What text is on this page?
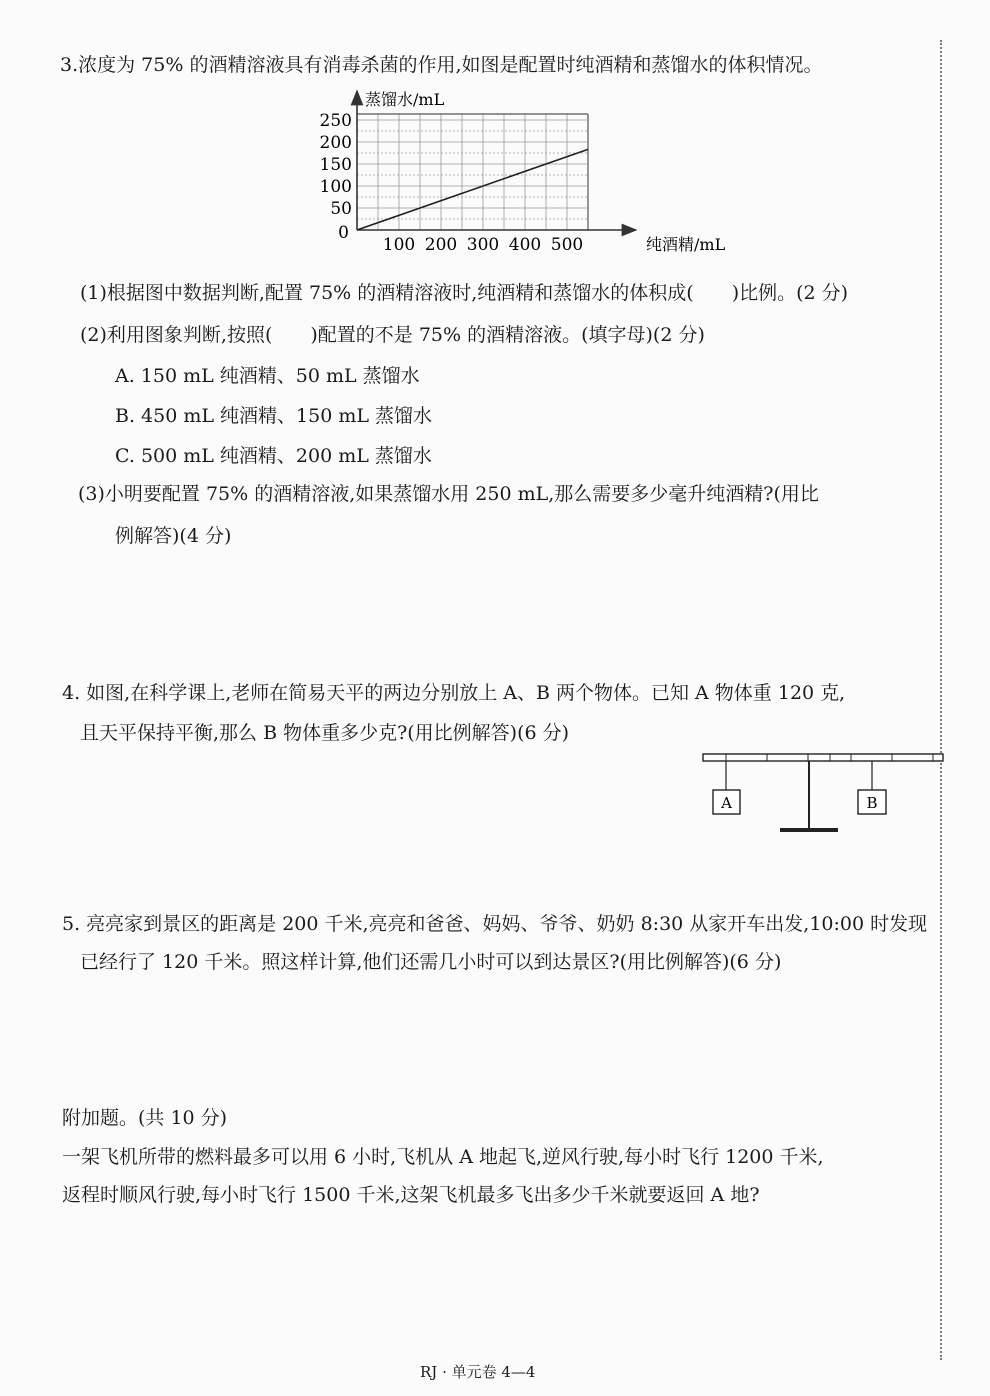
3.浓度为 75% 的酒精溶液具有消毒杀菌的作用,如图是配置时纯酒精和蒸馏水的体积情况。
100 200 300 400 500
50
100
150
200
250
0
蒸馏水/mL
纯酒精/mL
(1)根据图中数据判断,配置 75% 的酒精溶液时,纯酒精和蒸馏水的体积成(　　)比例。(2 分)
(2)利用图象判断,按照(　　)配置的不是 75% 的酒精溶液。(填字母)(2 分)
A. 150 mL 纯酒精、50 mL 蒸馏水
B. 450 mL 纯酒精、150 mL 蒸馏水
C. 500 mL 纯酒精、200 mL 蒸馏水
(3)小明要配置 75% 的酒精溶液,如果蒸馏水用 250 mL,那么需要多少毫升纯酒精?(用比
例解答)(4 分)
4. 如图,在科学课上,老师在简易天平的两边分别放上 A、B 两个物体。已知 A 物体重 120 克,
且天平保持平衡,那么 B 物体重多少克?(用比例解答)(6 分)
A	B
5. 亮亮家到景区的距离是 200 千米,亮亮和爸爸、妈妈、爷爷、奶奶 8:30 从家开车出发,10:00 时发现
已经行了 120 千米。照这样计算,他们还需几小时可以到达景区?(用比例解答)(6 分)
附加题。(共 10 分)
一架飞机所带的燃料最多可以用 6 小时,飞机从 A 地起飞,逆风行驶,每小时飞行 1200 千米,
返程时顺风行驶,每小时飞行 1500 千米,这架飞机最多飞出多少千米就要返回 A 地?
RJ · 单元卷 4—4
